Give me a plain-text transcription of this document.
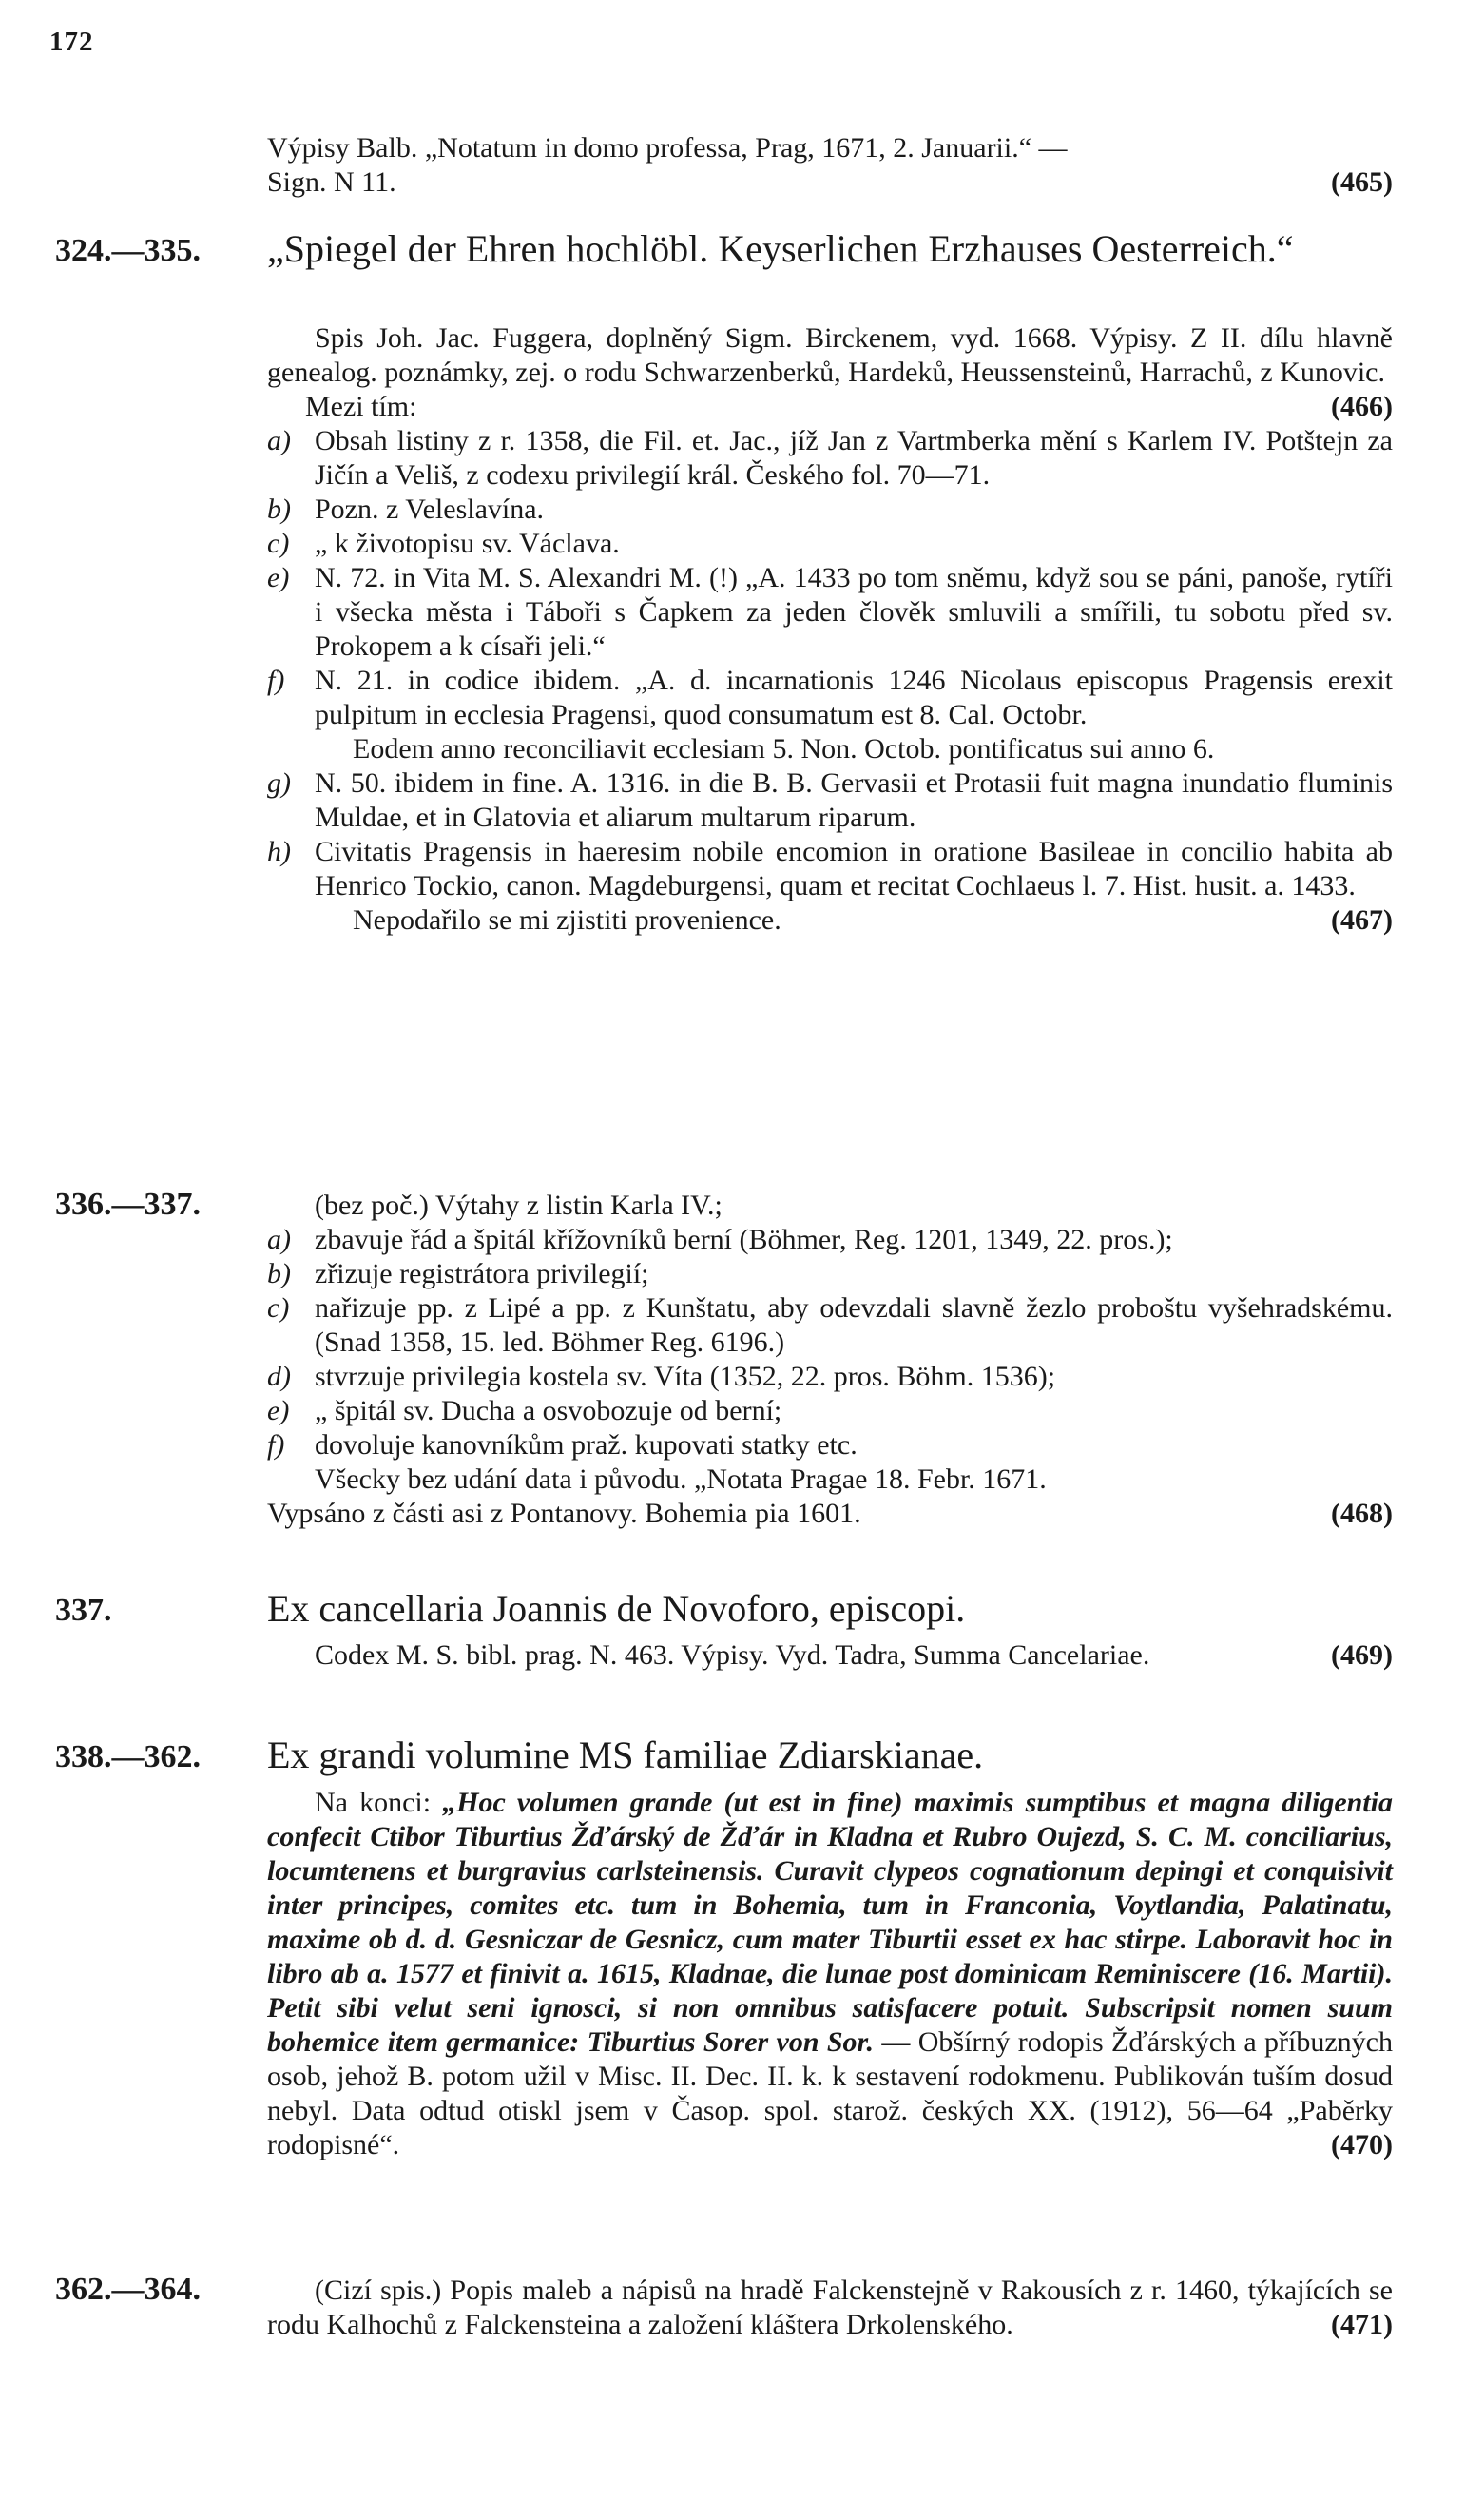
172

Výpisy Balb. „Notatum in domo professa, Prag, 1671, 2. Januarii.“ —

Sign. N 11.	(465)

324.—335. „Spiegel der Ehren hochlöbl. Keyserlichen Erzhauses Oesterreich.“

Spis Joh. Jac. Fuggera, doplněný Sigm. Birckenem, vyd. 1668. Výpisy. Z II. dílu hlavně genealog. poznámky, zej. o rodu Schwarzenberků, Hardeků, Heussensteinů, Harrachů, z Kunovic.
(466)

Mezi tím:

a) Obsah listiny z r. 1358, die Fil. et. Jac., jíž Jan z Vartmberka mění s Karlem IV. Potštejn za Jičín a Veliš, z codexu privilegií král. Českého fol. 70—71.
b) Pozn. z Veleslavína.
c) „ k životopisu sv. Václava.
e) N. 72. in Vita M. S. Alexandri M. (!) „A. 1433 po tom sněmu, když sou se páni, panoše, rytíři i všecka města i Táboři s Čapkem za jeden člověk smluvili a smířili, tu sobotu před sv. Prokopem a k císaři jeli.“
f) N. 21. in codice ibidem. „A. d. incarnationis 1246 Nicolaus episcopus Pragensis erexit pulpitum in ecclesia Pragensi, quod consumatum est 8. Cal. Octobr.
Eodem anno reconciliavit ecclesiam 5. Non. Octob. pontificatus sui anno 6.
g) N. 50. ibidem in fine. A. 1316. in die B. B. Gervasii et Protasii fuit magna inundatio fluminis Muldae, et in Glatovia et aliarum multarum riparum.
h) Civitatis Pragensis in haeresim nobile encomion in oratione Basileae in concilio habita ab Henrico Tockio, canon. Magdeburgensi, quam et recitat Cochlaeus l. 7. Hist. husit. a. 1433.

Nepodařilo se mi zjistiti provenience.	(467)

336.—337.	(bez poč.) Výtahy z listin Karla IV.;

a) zbavuje řád a špitál křížovníků berní (Böhmer, Reg. 1201, 1349, 22. pros.);
b) zřizuje registrátora privilegií;
c) nařizuje pp. z Lipé a pp. z Kunštatu, aby odevzdali slavně žezlo proboštu vyšehradskému. (Snad 1358, 15. led. Böhmer Reg. 6196.)
d) stvrzuje privilegia kostela sv. Víta (1352, 22. pros. Böhm. 1536);
e) „ špitál sv. Ducha a osvobozuje od berní;
f) dovoluje kanovníkům praž. kupovati statky etc.

Všecky bez udání data i původu. „Notata Pragae 18. Febr. 1671.

Vypsáno z části asi z Pontanovy. Bohemia pia 1601.	(468)

337.	Ex cancellaria Joannis de Novoforo, episcopi.

Codex M. S. bibl. prag. N. 463. Výpisy. Vyd. Tadra, Summa Cancelariae.	(469)

338.—362. Ex grandi volumine MS familiae Zdiarskianae.

Na konci: „Hoc volumen grande (ut est in fine) maximis sumptibus et magna diligentia confecit Ctibor Tiburtius Žďárský de Žďár in Kladna et Rubro Oujezd, S. C. M. conciliarius, locumtenens et burgravius carlsteinensis. Curavit clypeos cognationum depingi et conquisivit inter principes, comites etc. tum in Bohemia, tum in Franconia, Voytlandia, Palatinatu, maxime ob d. d. Gesniczar de Gesnicz, cum mater Tiburtii esset ex hac stirpe. Laboravit hoc in libro ab a. 1577 et finivit a. 1615, Kladnae, die lunae post dominicam Reminiscere (16. Martii). Petit sibi velut seni ignosci, si non omnibus satisfacere potuit. Subscripsit nomen suum bohemice item germanice: Tiburtius Sorer von Sor. — Obšírný rodopis Žďárských a příbuzných osob, jehož B. potom užil v Misc. II. Dec. II. k. k sestavení rodokmenu. Publikován tuším dosud nebyl. Data odtud otiskl jsem v Časop. spol. starož. českých XX. (1912), 56—64 „Paběrky rodopisné“.	(470)

362.—364.	(Cizí spis.) Popis maleb a nápisů na hradě Falckenstejně v Rakousích z r. 1460, týkajících se rodu Kalhochů z Falckensteina a založení kláštera Drkolenského.	(471)
